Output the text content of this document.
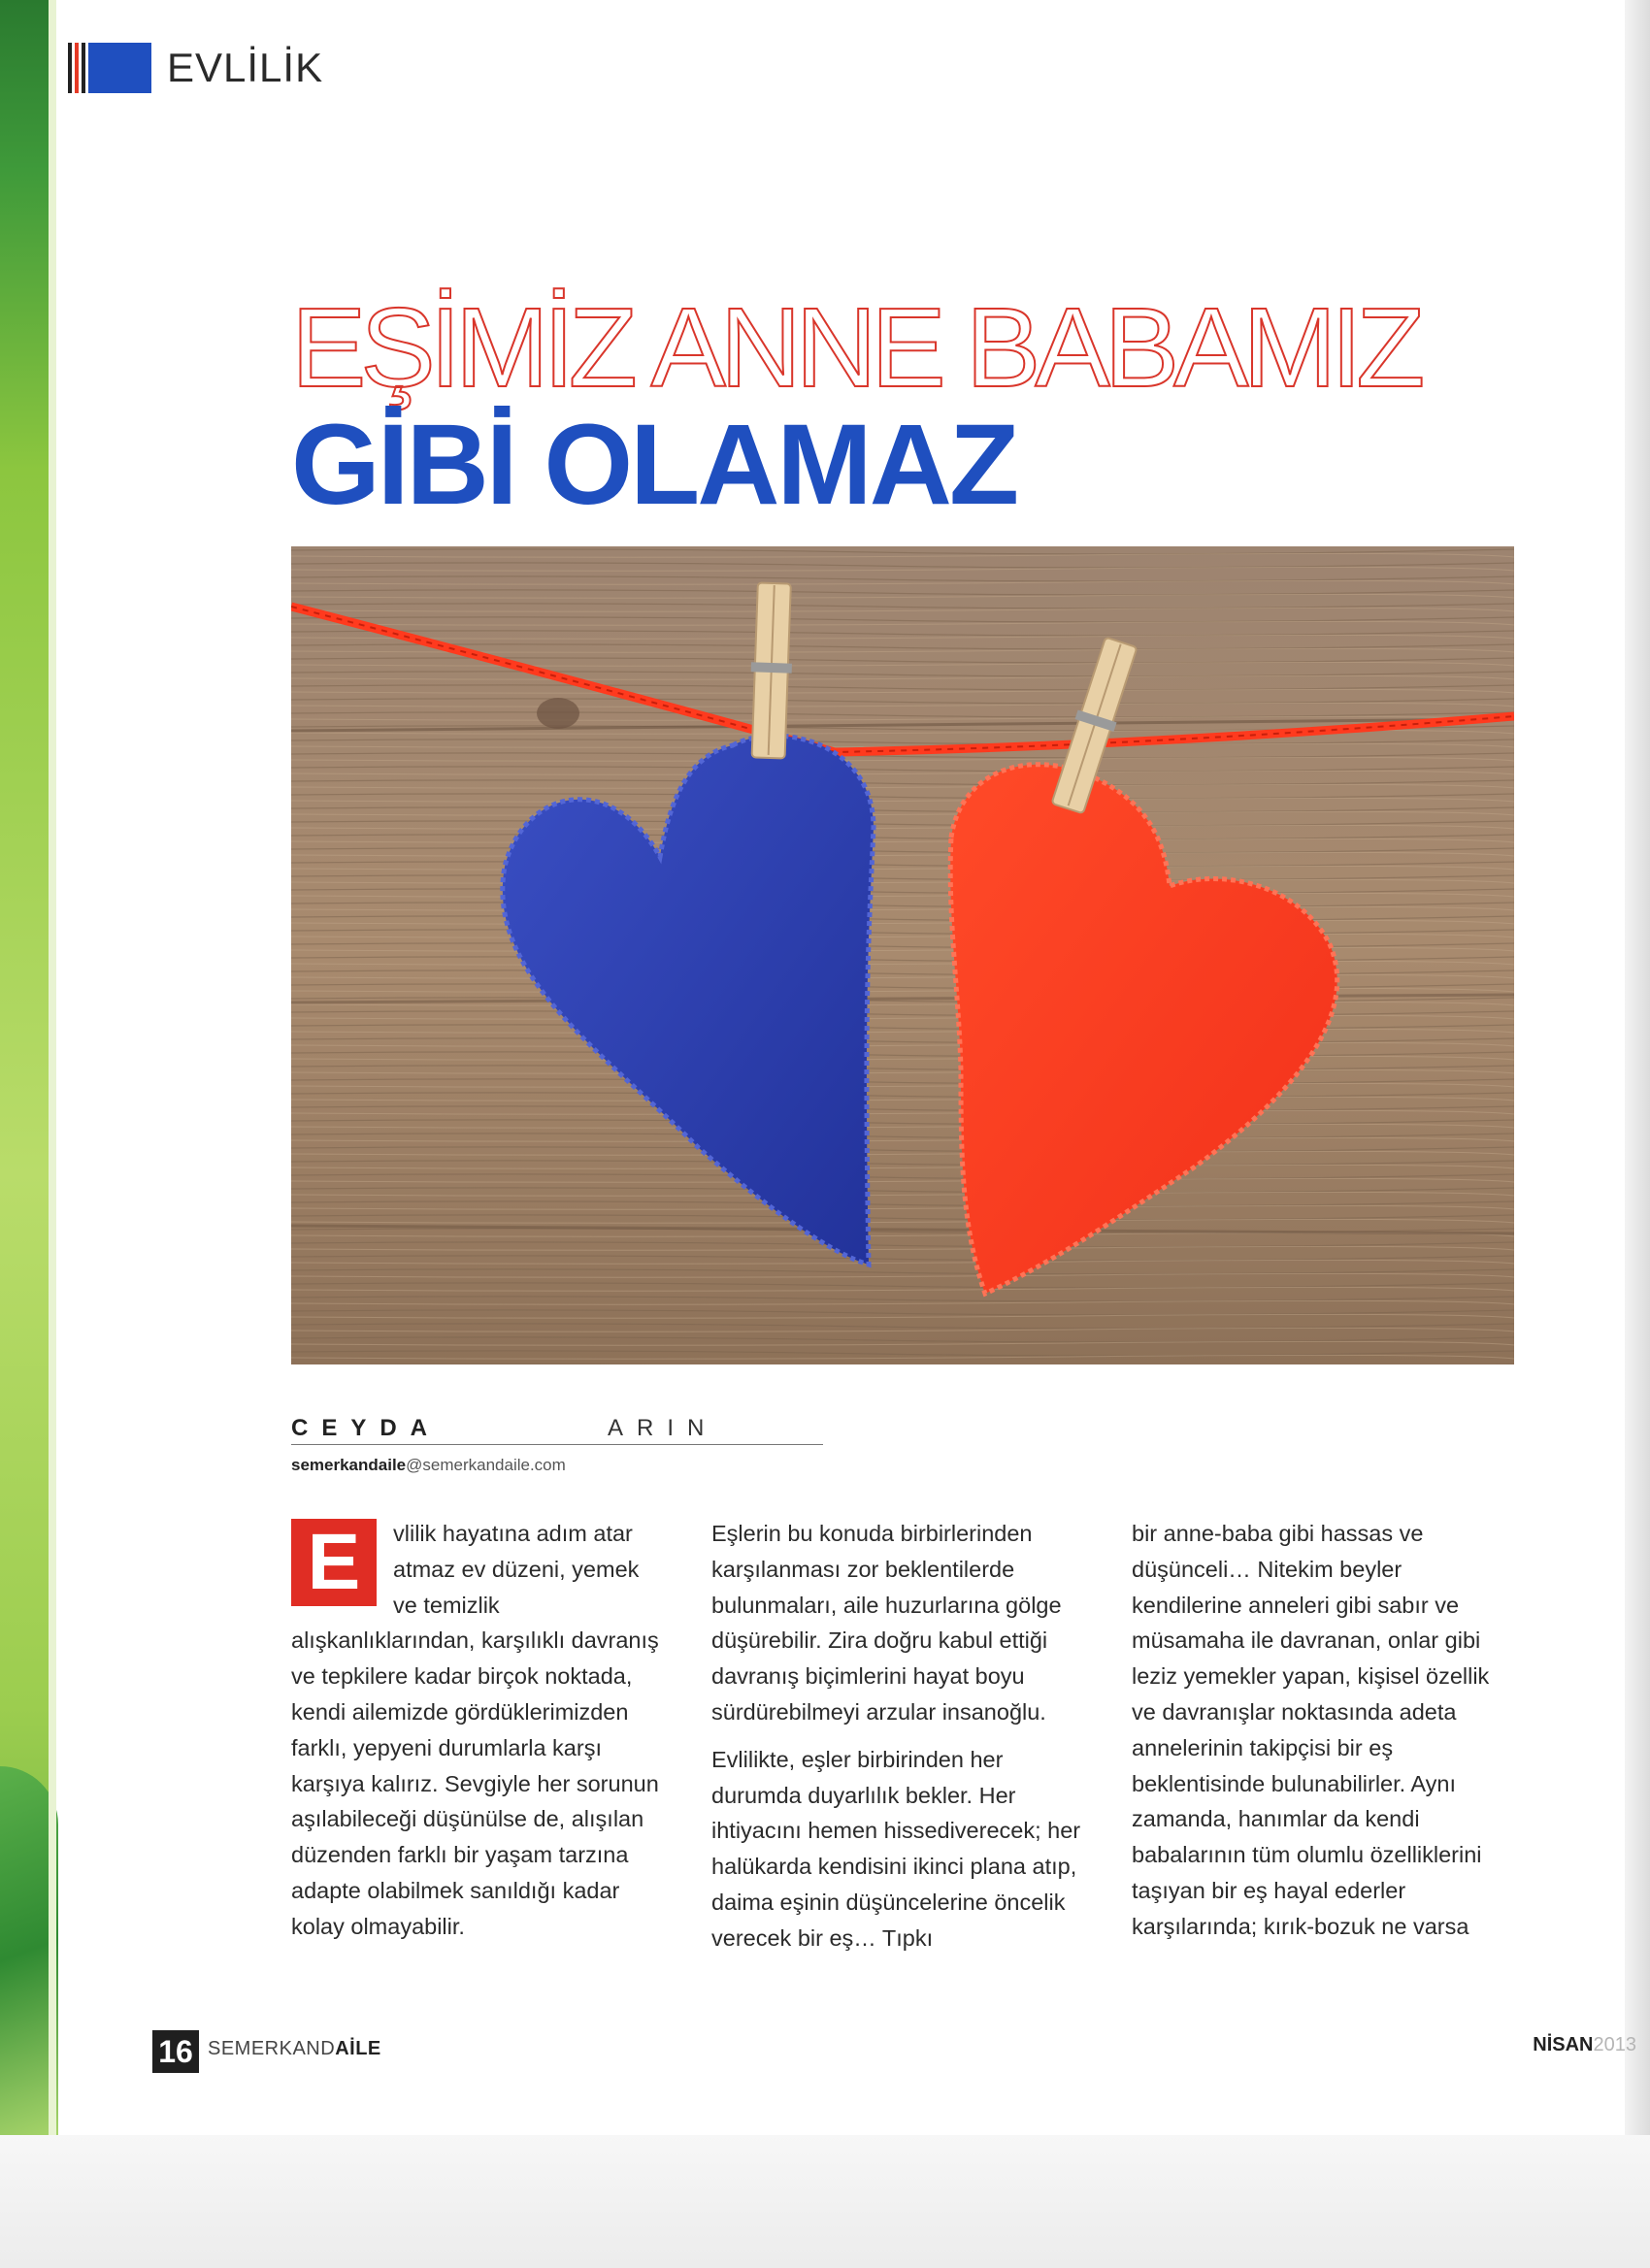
EVLİLİK
EŞİMİZ ANNE BABAMIZ
GİBİ OLAMAZ
CEYDA	ARIN
semerkandaile@semerkandaile.com
E	vlilik hayatına adım atar atmaz ev düzeni, yemek ve temizlik
alışkanlıklarından, karşılıklı davranış ve tepkilere kadar birçok noktada, kendi ailemizde gördüklerimizden farklı, yepyeni durumlarla karşı karşıya kalırız. Sevgiyle her sorunun aşılabileceği düşünülse de, alışılan düzenden farklı bir yaşam tarzına adapte olabilmek sanıldığı kadar kolay olmayabilir.

Eşlerin bu konuda birbirlerinden karşılanması zor beklentilerde bulunmaları, aile huzurlarına gölge düşürebilir. Zira doğru kabul ettiği davranış biçimlerini hayat boyu sürdürebilmeyi arzular insanoğlu.

Evlilikte, eşler birbirinden her durumda duyarlılık bekler. Her ihtiyacını hemen hissediverecek; her halükarda kendisini ikinci plana atıp, daima eşinin düşüncelerine öncelik verecek bir eş… Tıpkı

bir anne-baba gibi hassas ve düşünceli… Nitekim beyler kendilerine anneleri gibi sabır ve müsamaha ile davranan, onlar gibi leziz yemekler yapan, kişisel özellik ve davranışlar noktasında adeta annelerinin takipçisi bir eş beklentisinde bulunabilirler. Aynı zamanda, hanımlar da kendi babalarının tüm olumlu özelliklerini taşıyan bir eş hayal ederler karşılarında; kırık-bozuk ne varsa

16 SEMERKANDAİLE	NİSAN2013
